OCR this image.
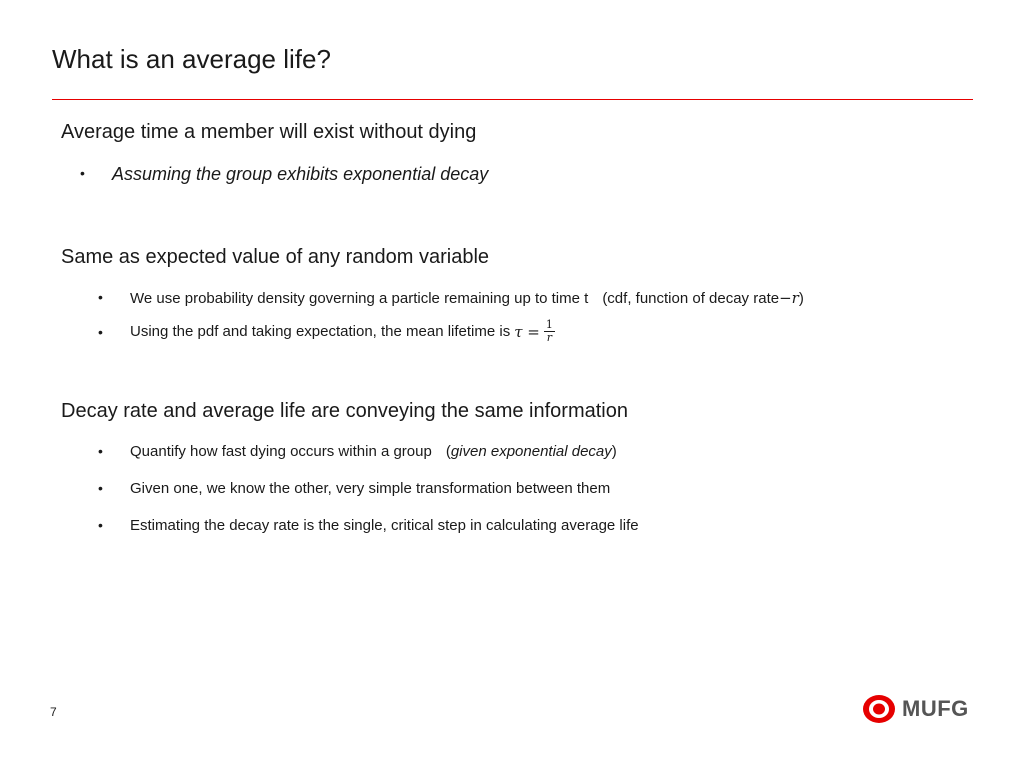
What is an average life?
Average time a member will exist without dying
• Assuming the group exhibits exponential decay
Same as expected value of any random variable
• We use probability density governing a particle remaining up to time t (cdf, function of decay rate −r )
• Using the pdf and taking expectation, the mean lifetime is $\tau = \frac{1}{r}$
Decay rate and average life are conveying the same information
• Quantify how fast dying occurs within a group ( given exponential decay )
• Given one, we know the other, very simple transformation between them
• Estimating the decay rate is the single, critical step in calculating average life
7	MUFG
